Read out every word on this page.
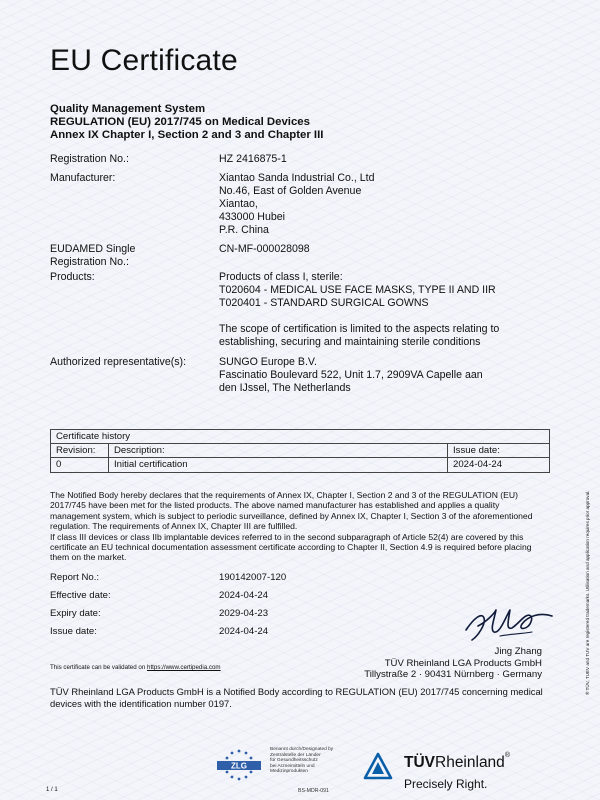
EU Certificate
Quality Management System
REGULATION (EU) 2017/745 on Medical Devices
Annex IX Chapter I, Section 2 and 3 and Chapter III
Registration No.:	HZ 2416875-1
Manufacturer:	Xiantao Sanda Industrial Co., Ltd
No.46, East of Golden Avenue
Xiantao,
433000 Hubei
P.R. China
EUDAMED Single
Registration No.:
CN-MF-000028098
Products:	Products of class I, sterile:
T020604 - MEDICAL USE FACE MASKS, TYPE II AND IIR
T020401 - STANDARD SURGICAL GOWNS
The scope of certification is limited to the aspects relating to
establishing, securing and maintaining sterile conditions
Authorized representative(s):	SUNGO Europe B.V.
Fascinatio Boulevard 522, Unit 1.7, 2909VA Capelle aan
den IJssel, The Netherlands
Certificate history
Revision:	Description:	Issue date:
0	Initial certification	2024-04-24
The Notified Body hereby declares that the requirements of Annex IX, Chapter I, Section 2 and 3 of the REGULATION (EU) 2017/745 have been met for the listed products. The above named manufacturer has established and applies a quality management system, which is subject to periodic surveillance, defined by Annex IX, Chapter I, Section 3 of the aforementioned regulation. The requirements of Annex IX, Chapter III are fulfilled.
If class III devices or class IIb implantable devices referred to in the second subparagraph of Article 52(4) are covered by this certificate an EU technical documentation assessment certificate according to Chapter II, Section 4.9 is required before placing them on the market.
Report No.:	190142007-120
Effective date:	2024-04-24
Expiry date:	2029-04-23
Issue date:	2024-04-24
Jing Zhang
TÜV Rheinland LGA Products GmbH
Tillystraße 2 · 90431 Nürnberg · Germany
This certificate can be validated on https://www.certipedia.com
TÜV Rheinland LGA Products GmbH is a Notified Body according to REGULATION (EU) 2017/745 concerning medical devices with the identification number 0197.
® TÜV, TUEV and TUV are registered trademarks. Utilisation and application requires prior approval.
1 / 1
ZLG
Benannt durch/Designated by
Zentralstelle der Länder
für Gesundheitsschutz
bei Arzneimitteln und
Medizinprodukten
BS-MDR-091
TÜVRheinland®
Precisely Right.
